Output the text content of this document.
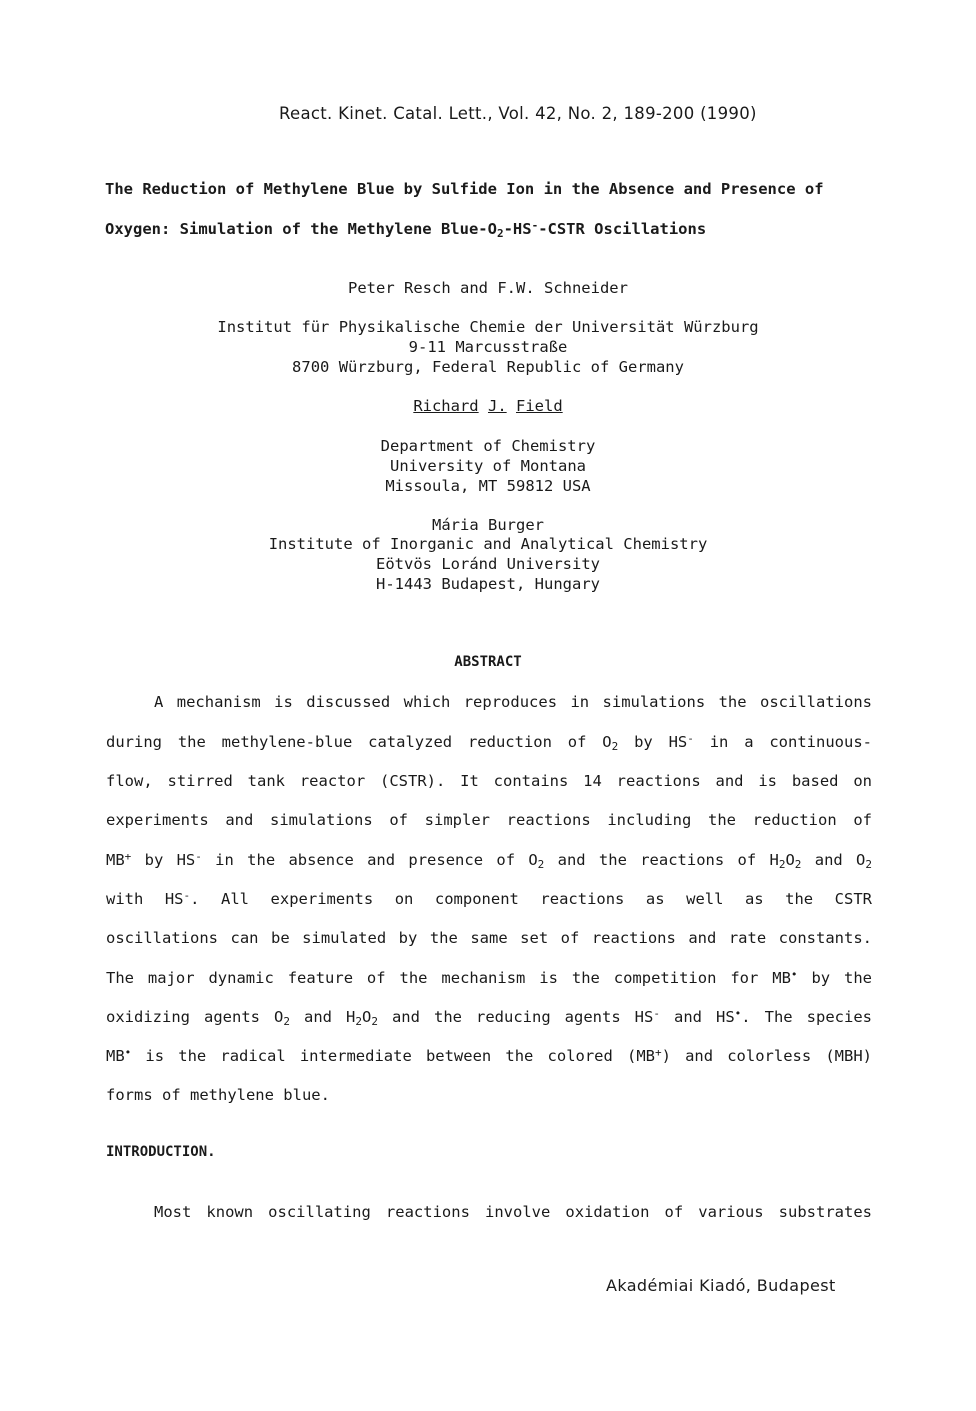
React. Kinet. Catal. Lett., Vol. 42, No. 2, 189-200 (1990)
The Reduction of Methylene Blue by Sulfide Ion in the Absence and Presence of
Oxygen: Simulation of the Methylene Blue-$O_2-HS^-$-CSTR Oscillations
Peter Resch and F.W. Schneider
Institut für Physikalische Chemie der Universität Würzburg
9-11 Marcusstraße
8700 Würzburg, Federal Republic of Germany
Richard J. Field
Department of Chemistry
University of Montana
Missoula, MT 59812 USA
Mária Burger
Institute of Inorganic and Analytical Chemistry
Eötvös Loránd University
H-1443 Budapest, Hungary
ABSTRACT
A mechanism is discussed which reproduces in simulations the oscillations
during the methylene-blue catalyzed reduction of $O_2$ by HS- in a continuous-
flow, stirred tank reactor (CSTR). It contains 14 reactions and is based on
experiments and simulations of simpler reactions including the reduction of
MB+ by HS- in the absence and presence of $O_2$ and the reactions of $H_2O_2$ and $O_2$
with HS-. All experiments on component reactions as well as the CSTR
oscillations can be simulated by the same set of reactions and rate constants.
The major dynamic feature of the mechanism is the competition for MB• by the
oxidizing agents $O_2$ and $H_2O_2$ and the reducing agents HS- and HS•. The species
MB• is the radical intermediate between the colored (MB+) and colorless (MBH)
forms of methylene blue.
INTRODUCTION.
Most known oscillating reactions involve oxidation of various substrates
Akadémiai Kiadó, Budapest
